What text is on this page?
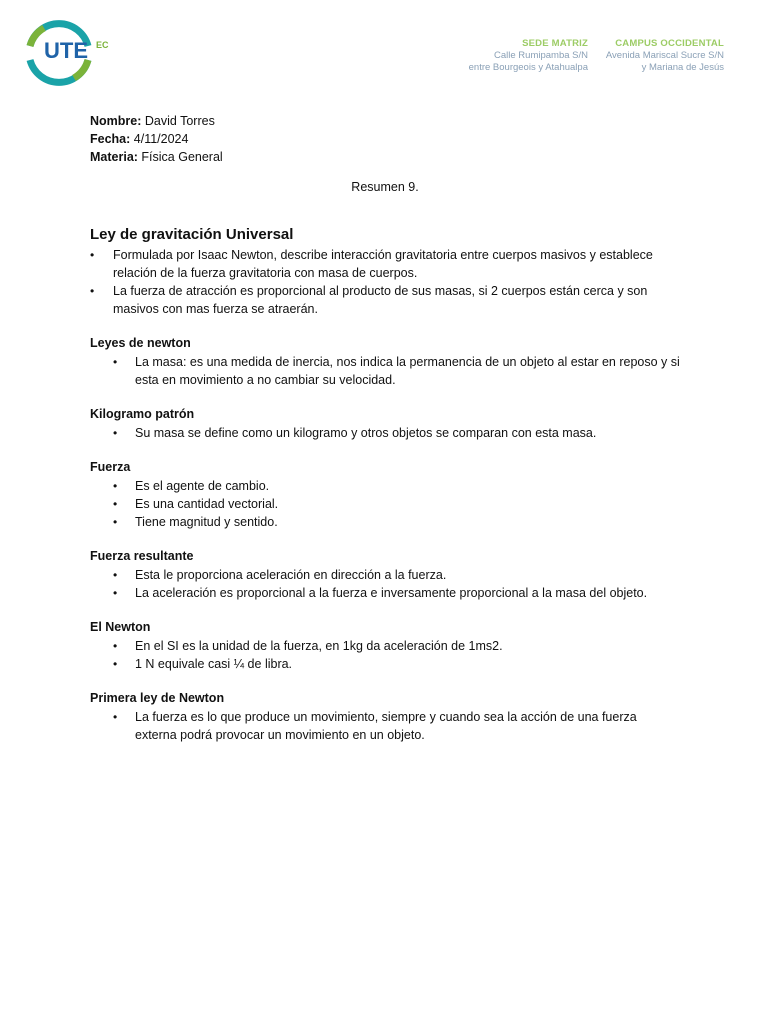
UTE EC	SEDE MATRIZ
Calle Rumipamba S/N
entre Bourgeois y Atahualpa
CAMPUS OCCIDENTAL
Avenida Mariscal Sucre S/N
y Mariana de Jesús
Nombre: David Torres
Fecha: 4/11/2024
Materia: Física General
Resumen 9.
Ley de gravitación Universal
• Formulada por Isaac Newton, describe interacción gravitatoria entre cuerpos masivos y establece relación de la fuerza gravitatoria con masa de cuerpos.
• La fuerza de atracción es proporcional al producto de sus masas, si 2 cuerpos están cerca y son masivos con mas fuerza se atraerán.
Leyes de newton
• La masa: es una medida de inercia, nos indica la permanencia de un objeto al estar en reposo y si esta en movimiento a no cambiar su velocidad.
Kilogramo patrón
• Su masa se define como un kilogramo y otros objetos se comparan con esta masa.
Fuerza
• Es el agente de cambio.
• Es una cantidad vectorial.
• Tiene magnitud y sentido.
Fuerza resultante
• Esta le proporciona aceleración en dirección a la fuerza.
• La aceleración es proporcional a la fuerza e inversamente proporcional a la masa del objeto.
El Newton
• En el SI es la unidad de la fuerza, en 1kg da aceleración de 1ms2.
• 1 N equivale casi ¼ de libra.
Primera ley de Newton
• La fuerza es lo que produce un movimiento, siempre y cuando sea la acción de una fuerza externa podrá provocar un movimiento en un objeto.
